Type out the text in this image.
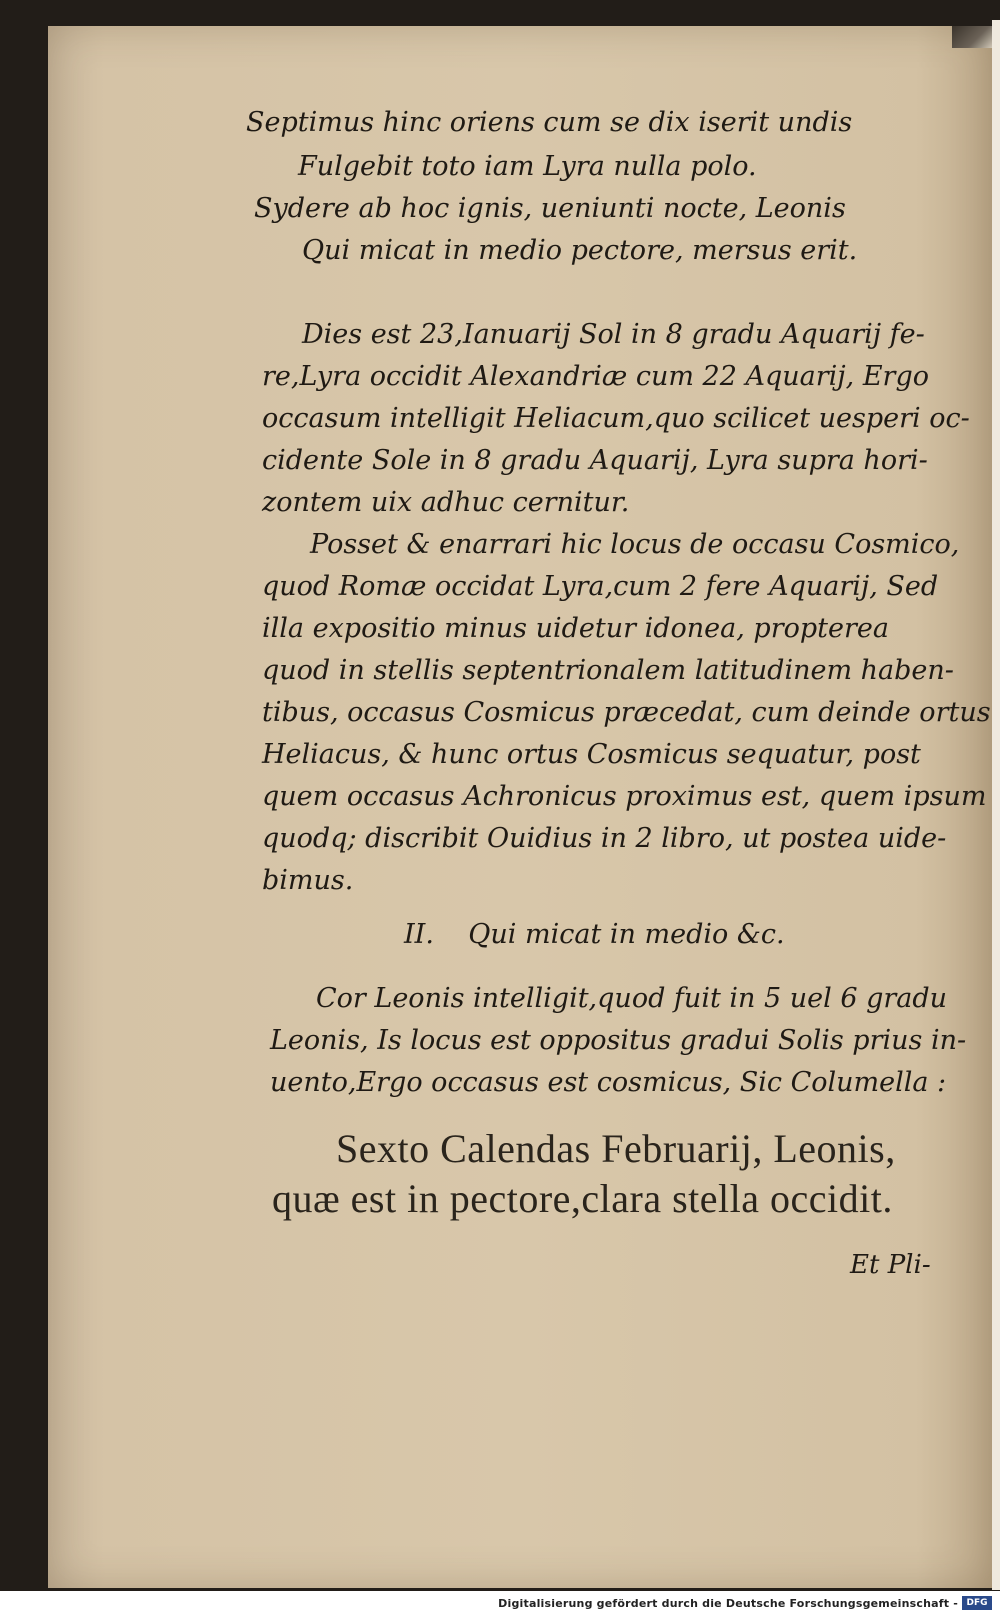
Septimus hinc oriens cum se dix iserit undis
Fulgebit toto iam Lyra nulla polo.
Sydere ab hoc ignis, ueniunti nocte, Leonis
Qui micat in medio pectore, mersus erit.
Dies est 23,Ianuarij Sol in 8 gradu Aquarij fe-
re,Lyra occidit Alexandriæ cum 22 Aquarij, Ergo
occasum intelligit Heliacum,quo scilicet uesperi oc-
cidente Sole in 8 gradu Aquarij, Lyra supra hori-
zontem uix adhuc cernitur.
Posset & enarrari hic locus de occasu Cosmico,
quod Romæ occidat Lyra,cum 2 fere Aquarij, Sed
illa expositio minus uidetur idonea, propterea
quod in stellis septentrionalem latitudinem haben-
tibus, occasus Cosmicus præcedat, cum deinde ortus
Heliacus, & hunc ortus Cosmicus sequatur, post
quem occasus Achronicus proximus est, quem ipsum
quodq; discribit Ouidius in 2 libro, ut postea uide-
bimus.
II.    Qui micat in medio &c.
Cor Leonis intelligit,quod fuit in 5 uel 6 gradu
Leonis, Is locus est oppositus gradui Solis prius in-
uento,Ergo occasus est cosmicus, Sic Columella :
Sexto Calendas Februarij, Leonis,
quæ est in pectore,clara stella occidit.
Et Pli-
Digitalisierung gefördert durch die Deutsche Forschungsgemeinschaft - DFG
